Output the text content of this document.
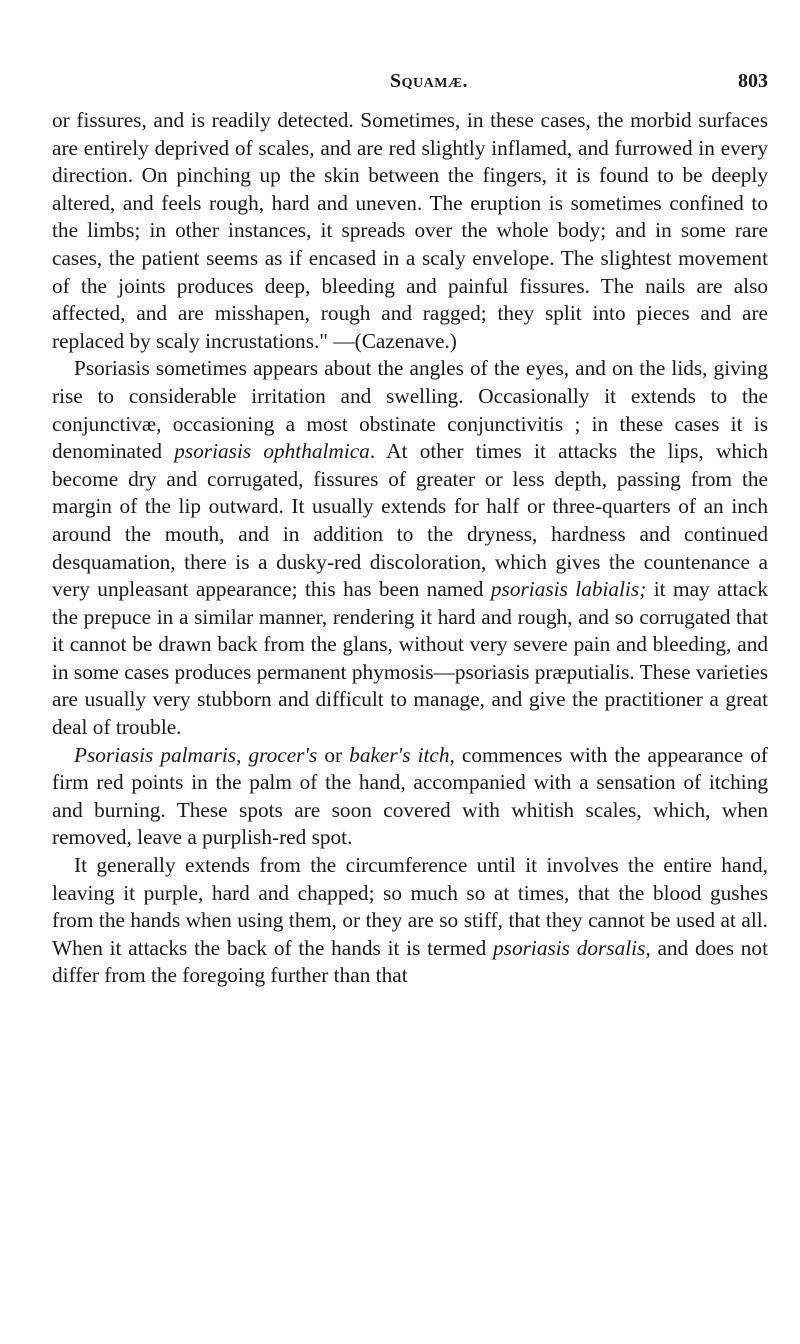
Squamæ.	803

or fissures, and is readily detected. Sometimes, in these cases, the morbid surfaces are entirely deprived of scales, and are red slightly inflamed, and furrowed in every direction. On pinching up the skin between the fingers, it is found to be deeply altered, and feels rough, hard and uneven. The eruption is sometimes confined to the limbs; in other instances, it spreads over the whole body; and in some rare cases, the patient seems as if encased in a scaly envelope. The slightest movement of the joints produces deep, bleeding and painful fissures. The nails are also affected, and are misshapen, rough and ragged; they split into pieces and are replaced by scaly incrustations." —(Cazenave.)

Psoriasis sometimes appears about the angles of the eyes, and on the lids, giving rise to considerable irritation and swelling. Occasionally it extends to the conjunctivæ, occasioning a most obstinate conjunctivitis ; in these cases it is denominated psoriasis ophthalmica. At other times it attacks the lips, which become dry and corrugated, fissures of greater or less depth, passing from the margin of the lip outward. It usually extends for half or three-quarters of an inch around the mouth, and in addition to the dryness, hardness and continued desquamation, there is a dusky-red discoloration, which gives the countenance a very unpleasant appearance; this has been named psoriasis labialis; it may attack the prepuce in a similar manner, rendering it hard and rough, and so corrugated that it cannot be drawn back from the glans, without very severe pain and bleeding, and in some cases produces permanent phymosis—psoriasis præputialis. These varieties are usually very stubborn and difficult to manage, and give the practitioner a great deal of trouble.

Psoriasis palmaris, grocer's or baker's itch, commences with the appearance of firm red points in the palm of the hand, accompanied with a sensation of itching and burning. These spots are soon covered with whitish scales, which, when removed, leave a purplish-red spot.

It generally extends from the circumference until it involves the entire hand, leaving it purple, hard and chapped; so much so at times, that the blood gushes from the hands when using them, or they are so stiff, that they cannot be used at all. When it attacks the back of the hands it is termed psoriasis dorsalis, and does not differ from the foregoing further than that
